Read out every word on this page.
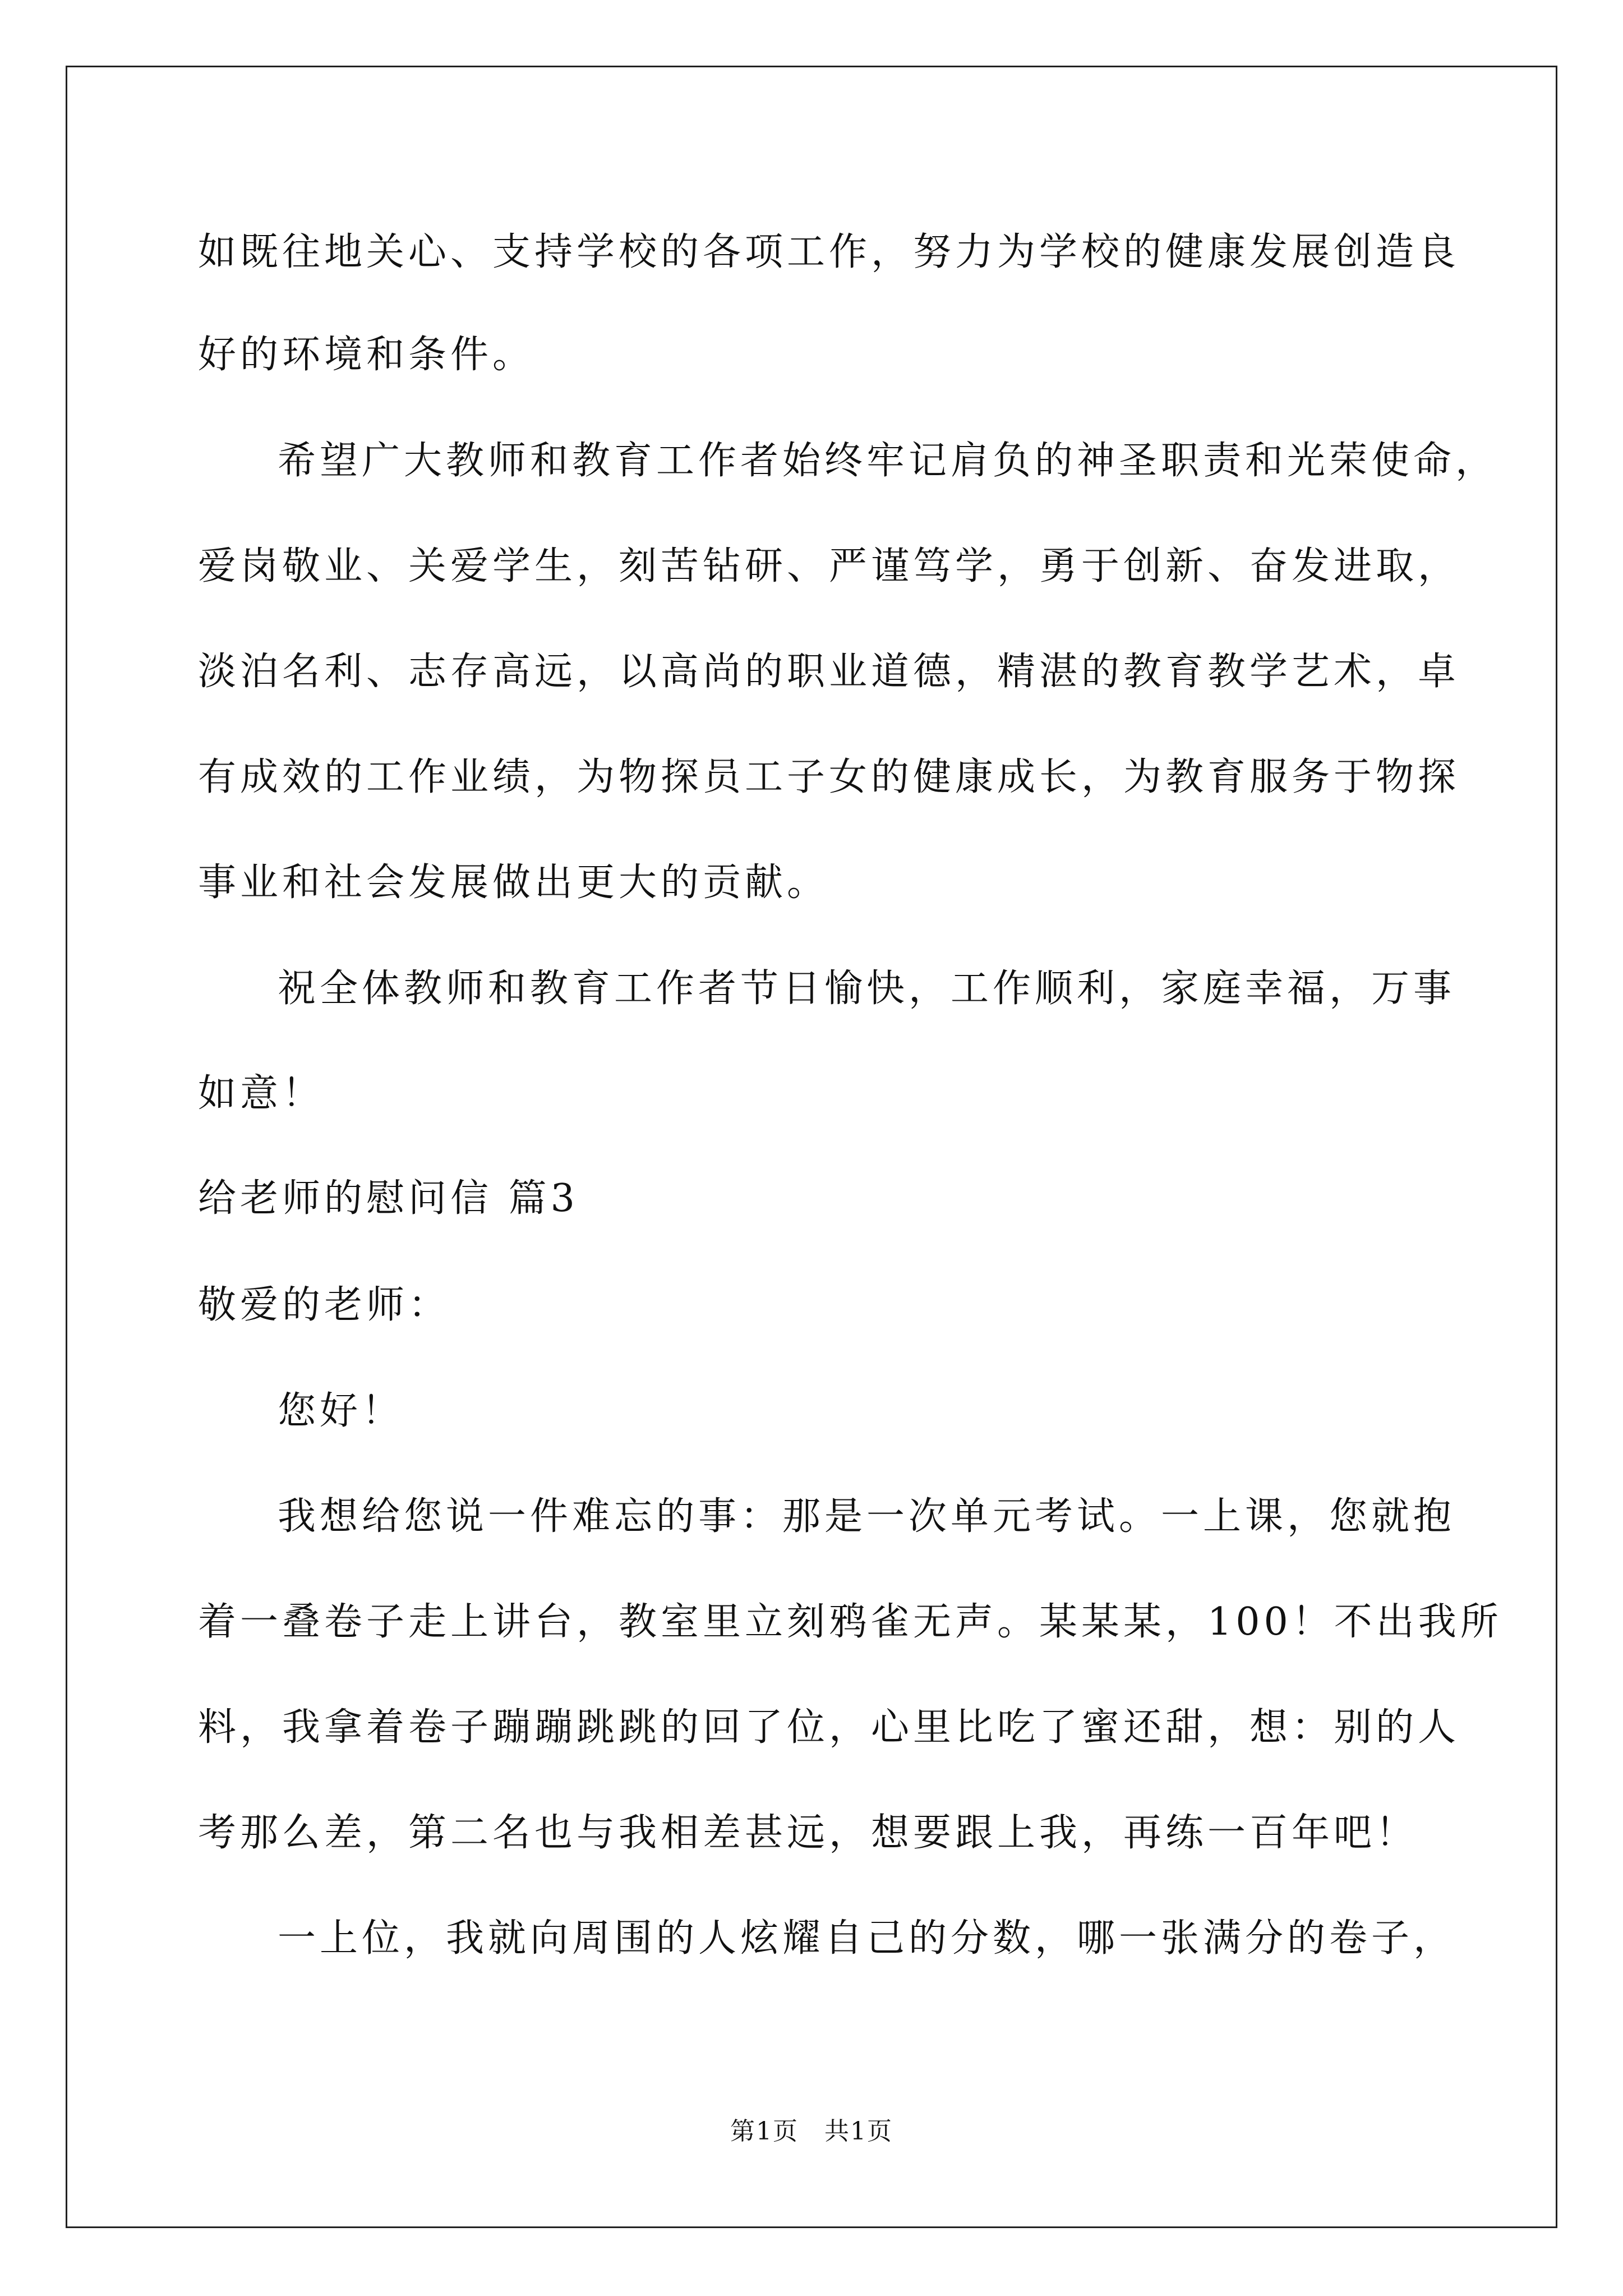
如既往地关心、支持学校的各项工作，努力为学校的健康发展创造良
好的环境和条件。
希望广大教师和教育工作者始终牢记肩负的神圣职责和光荣使命，
爱岗敬业、关爱学生，刻苦钻研、严谨笃学，勇于创新、奋发进取，
淡泊名利、志存高远，以高尚的职业道德，精湛的教育教学艺术，卓
有成效的工作业绩，为物探员工子女的健康成长，为教育服务于物探
事业和社会发展做出更大的贡献。
祝全体教师和教育工作者节日愉快，工作顺利，家庭幸福，万事
如意！
给老师的慰问信 篇3
敬爱的老师：
您好！
我想给您说一件难忘的事：那是一次单元考试。一上课，您就抱
着一叠卷子走上讲台，教室里立刻鸦雀无声。某某某，100！不出我所
料，我拿着卷子蹦蹦跳跳的回了位，心里比吃了蜜还甜，想：别的人
考那么差，第二名也与我相差甚远，想要跟上我，再练一百年吧！
一上位，我就向周围的人炫耀自己的分数，哪一张满分的卷子，
第1页　共1页
